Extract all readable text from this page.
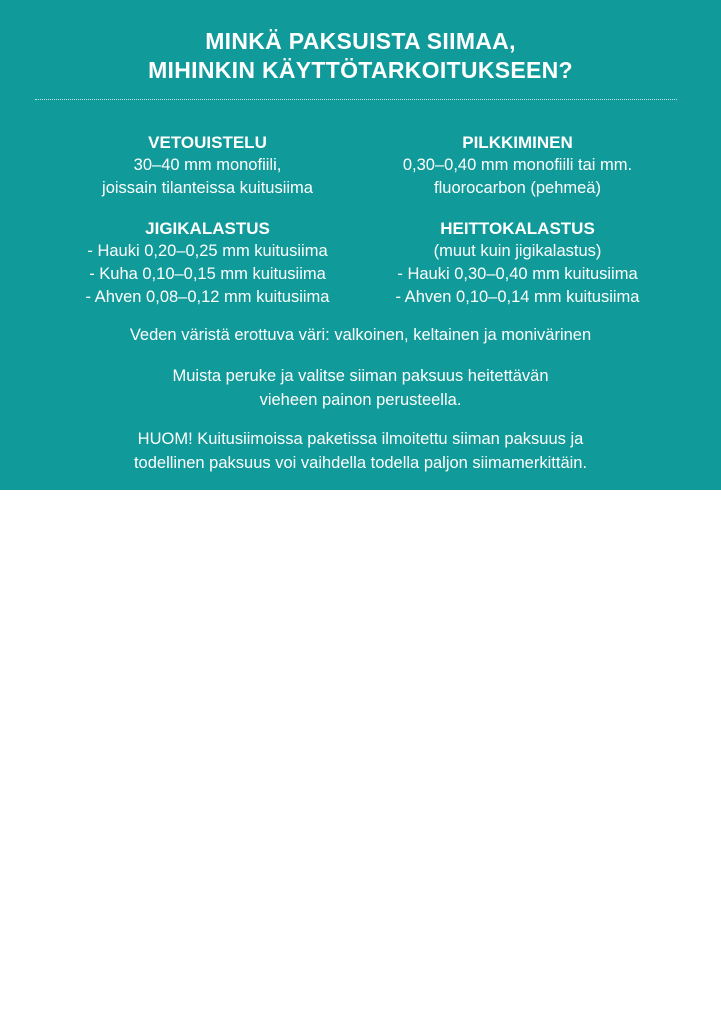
MINKÄ PAKSUISTA SIIMAA,
MIHINKIN KÄYTTÖTARKOITUKSEEN?
VETOUISTELU
30–40 mm monofiili,
joissain tilanteissa kuitusiima
PILKKIMINEN
0,30–0,40 mm monofiili tai mm.
fluorocarbon (pehmeä)
JIGIKALASTUS
- Hauki 0,20–0,25 mm kuitusiima
- Kuha 0,10–0,15 mm kuitusiima
- Ahven 0,08–0,12 mm kuitusiima
HEITTOKALASTUS
(muut kuin jigikalastus)
- Hauki 0,30–0,40 mm kuitusiima
- Ahven 0,10–0,14 mm kuitusiima
Veden väristä erottuva väri: valkoinen, keltainen ja monivärinen
Muista peruke ja valitse siiman paksuus heitettävän
vieheen painon perusteella.
HUOM! Kuitusiimoissa paketissa ilmoitettu siiman paksuus ja
todellinen paksuus voi vaihdella todella paljon siimamerkittäin.
